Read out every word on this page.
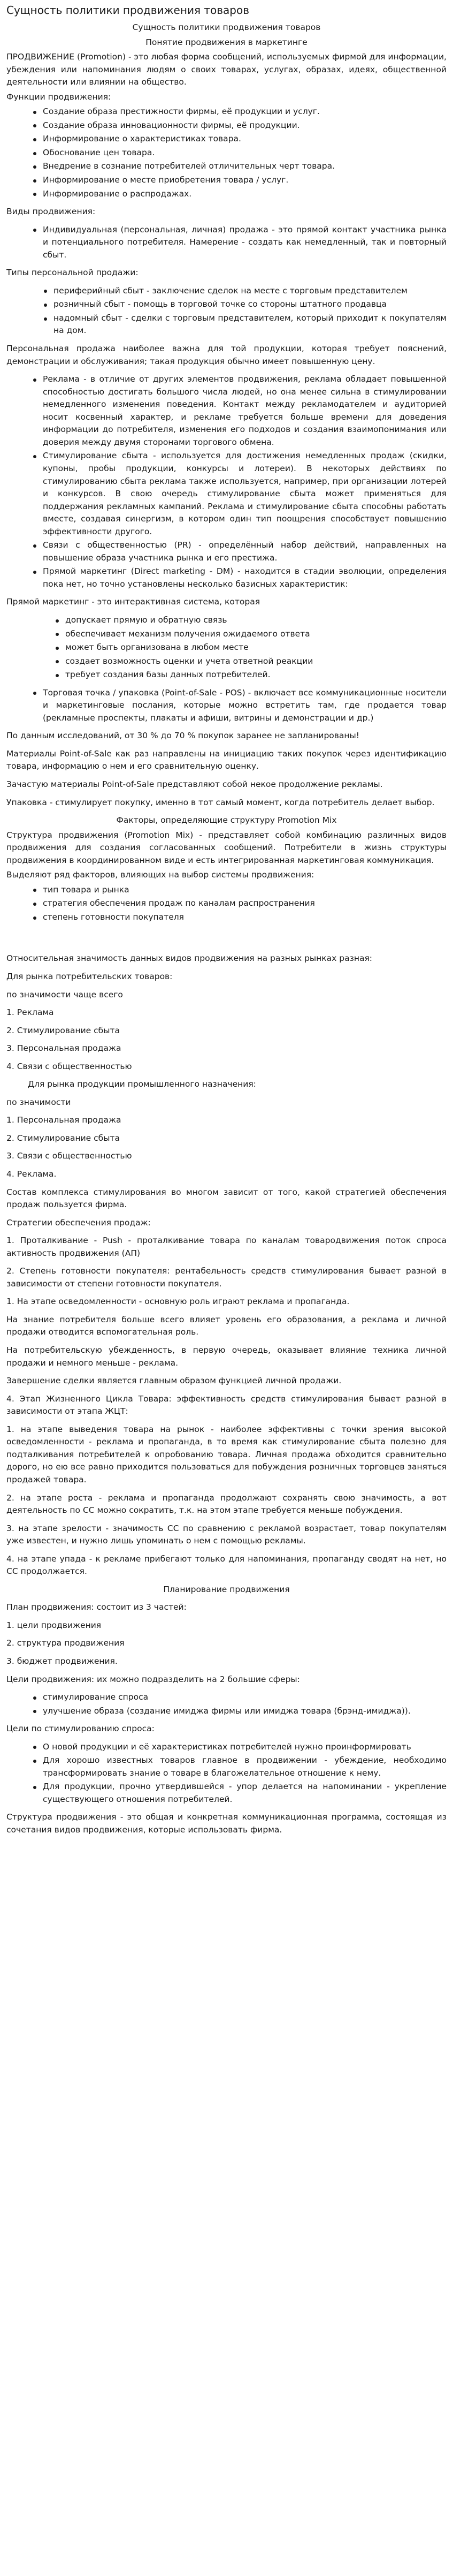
Сущность политики продвижения товаров
Сущность политики продвижения товаров
Понятие продвижения в маркетинге

ПРОДВИЖЕНИЕ (Promotion) - это любая форма сообщений, используемых фирмой для информации, убеждения или напоминания людям о своих товарах, услугах, образах, идеях, общественной деятельности или влиянии на общество.

Функции продвижения:

Создание образа престижности фирмы, её продукции и услуг.
Создание образа инновационности фирмы, её продукции.
Информирование о характеристиках товара.
Обоснование цен товара.
Внедрение в сознание потребителей отличительных черт товара.
Информирование о месте приобретения товара / услуг.
Информирование о распродажах.

Виды продвижения:

Индивидуальная (персональная, личная) продажа - это прямой контакт участника рынка и потенциального потребителя. Намерение - создать как немедленный, так и повторный сбыт.

Типы персональной продажи:

периферийный сбыт - заключение сделок на месте с торговым представителем
розничный сбыт - помощь в торговой точке со стороны штатного продавца
надомный сбыт - сделки с торговым представителем, который приходит к покупателям на дом.

Персональная продажа наиболее важна для той продукции, которая требует пояснений, демонстрации и обслуживания; такая продукция обычно имеет повышенную цену.

Реклама - в отличие от других элементов продвижения, реклама обладает повышенной способностью достигать большого числа людей, но она менее сильна в стимулировании немедленного изменения поведения. Контакт между рекламодателем и аудиторией носит косвенный характер, и рекламе требуется больше времени для доведения информации до потребителя, изменения его подходов и создания взаимопонимания или доверия между двумя сторонами торгового обмена.
Стимулирование сбыта - используется для достижения немедленных продаж (скидки, купоны, пробы продукции, конкурсы и лотереи). В некоторых действиях по стимулированию сбыта реклама также используется, например, при организации лотерей и конкурсов. В свою очередь стимулирование сбыта может применяться для поддержания рекламных кампаний. Реклама и стимулирование сбыта способны работать вместе, создавая синергизм, в котором один тип поощрения способствует повышению эффективности другого.
Связи с общественностью (PR) - определённый набор действий, направленных на повышение образа участника рынка и его престижа.
Прямой маркетинг (Direct marketing - DM) - находится в стадии эволюции, определения пока нет, но точно установлены несколько базисных характеристик:

Прямой маркетинг - это интерактивная система, которая

допускает прямую и обратную связь
обеспечивает механизм получения ожидаемого ответа
может быть организована в любом месте
создает возможность оценки и учета ответной реакции
требует создания базы данных потребителей.
Торговая точка / упаковка (Point-of-Sale - POS) - включает все коммуникационные носители и маркетинговые послания, которые можно встретить там, где продается товар (рекламные проспекты, плакаты и афиши, витрины и демонстрации и др.)

По данным исследований, от 30 % до 70 % покупок заранее не запланированы!

Материалы Point-of-Sale как раз направлены на инициацию таких покупок через идентификацию товара, информацию о нем и его сравнительную оценку.

Зачастую материалы Point-of-Sale представляют собой некое продолжение рекламы.

Упаковка - стимулирует покупку, именно в тот самый момент, когда потребитель делает выбор.

Факторы, определяющие структуру Promotion Mix

Структура продвижения (Promotion Mix) - представляет собой комбинацию различных видов продвижения для создания согласованных сообщений. Потребители в жизнь структуры продвижения в координированном виде и есть интегрированная маркетинговая коммуникация.

Выделяют ряд факторов, влияющих на выбор системы продвижения:

тип товара и рынка
стратегия обеспечения продаж по каналам распространения
степень готовности покупателя

Относительная значимость данных видов продвижения на разных рынках разная:

Для рынка потребительских товаров:

по значимости чаще всего

1. Реклама

2. Стимулирование сбыта

3. Персональная продажа

4. Связи с общественностью

Для рынка продукции промышленного назначения:

по значимости

1. Персональная продажа

2. Стимулирование сбыта

3. Связи с общественностью

4. Реклама.

Состав комплекса стимулирования во многом зависит от того, какой стратегией обеспечения продаж пользуется фирма.

Стратегии обеспечения продаж:

1. Проталкивание - Push - проталкивание товара по каналам товародвижения поток спроса активность продвижения (АП)

2. Степень готовности покупателя: рентабельность средств стимулирования бывает разной в зависимости от степени готовности покупателя.

1. На этапе осведомленности - основную роль играют реклама и пропаганда.

На знание потребителя больше всего влияет уровень его образования, а реклама и личной продажи отводится вспомогательная роль.

На потребительскую убежденность, в первую очередь, оказывает влияние техника личной продажи и немного меньше - реклама.

Завершение сделки является главным образом функцией личной продажи.

4. Этап Жизненного Цикла Товара: эффективность средств стимулирования бывает разной в зависимости от этапа ЖЦТ:

1. на этапе выведения товара на рынок - наиболее эффективны с точки зрения высокой осведомленности - реклама и пропаганда, в то время как стимулирование сбыта полезно для подталкивания потребителей к опробованию товара. Личная продажа обходится сравнительно дорого, но ею все равно приходится пользоваться для побуждения розничных торговцев заняться продажей товара.

2. на этапе роста - реклама и пропаганда продолжают сохранять свою значимость, а вот деятельность по СС можно сократить, т.к. на этом этапе требуется меньше побуждения.

3. на этапе зрелости - значимость СС по сравнению с рекламой возрастает, товар покупателям уже известен, и нужно лишь упоминать о нем с помощью рекламы.

4. на этапе упада - к рекламе прибегают только для напоминания, пропаганду сводят на нет, но СС продолжается.

Планирование продвижения

План продвижения: состоит из 3 частей:

1. цели продвижения

2. структура продвижения

3. бюджет продвижения.

Цели продвижения: их можно подразделить на 2 большие сферы:

стимулирование спроса
улучшение образа (создание имиджа фирмы или имиджа товара (брэнд-имиджа)).

Цели по стимулированию спроса:

О новой продукции и её характеристиках потребителей нужно проинформировать
Для хорошо известных товаров главное в продвижении - убеждение, необходимо трансформировать знание о товаре в благожелательное отношение к нему.
Для продукции, прочно утвердившейся - упор делается на напоминании - укрепление существующего отношения потребителей.

Структура продвижения - это общая и конкретная коммуникационная программа, состоящая из сочетания видов продвижения, которые использовать фирма.
